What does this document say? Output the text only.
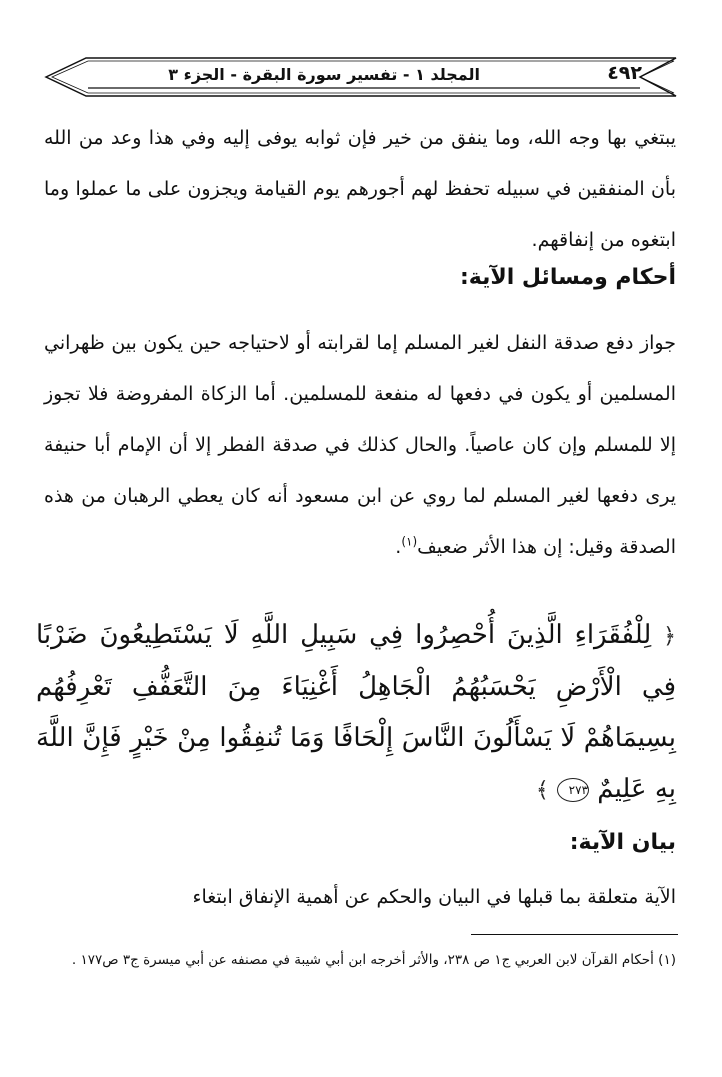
٤٩٢
المجلد ١ - تفسير سورة البقرة - الجزء ٣

يبتغي بها وجه الله، وما ينفق من خير فإن ثوابه يوفى إليه وفي هذا وعد من الله بأن المنفقين في سبيله تحفظ لهم أجورهم يوم القيامة ويجزون على ما عملوا وما ابتغوه من إنفاقهم.

أحكام ومسائل الآية:

جواز دفع صدقة النفل لغير المسلم إما لقرابته أو لاحتياجه حين يكون بين ظهراني المسلمين أو يكون في دفعها له منفعة للمسلمين. أما الزكاة المفروضة فلا تجوز إلا للمسلم وإن كان عاصياً. والحال كذلك في صدقة الفطر إلا أن الإمام أبا حنيفة يرى دفعها لغير المسلم لما روي عن ابن مسعود أنه كان يعطي الرهبان من هذه الصدقة وقيل: إن هذا الأثر ضعيف$^{(١)}$.

﴿ لِلْفُقَرَاءِ الَّذِينَ أُحْصِرُوا فِي سَبِيلِ اللَّهِ لَا يَسْتَطِيعُونَ ضَرْبًا فِي الْأَرْضِ يَحْسَبُهُمُ الْجَاهِلُ أَغْنِيَاءَ مِنَ التَّعَفُّفِ تَعْرِفُهُم بِسِيمَاهُمْ لَا يَسْأَلُونَ النَّاسَ إِلْحَافًا وَمَا تُنفِقُوا مِنْ خَيْرٍ فَإِنَّ اللَّهَ بِهِ عَلِيمٌ ٢٧٣ ﴾

بيان الآية:

الآية متعلقة بما قبلها في البيان والحكم عن أهمية الإنفاق ابتغاء

(١) أحكام القرآن لابن العربي ج١ ص ٢٣٨، والأثر أخرجه ابن أبي شيبة في مصنفه عن أبي ميسرة ج٣ ص١٧٧ .
